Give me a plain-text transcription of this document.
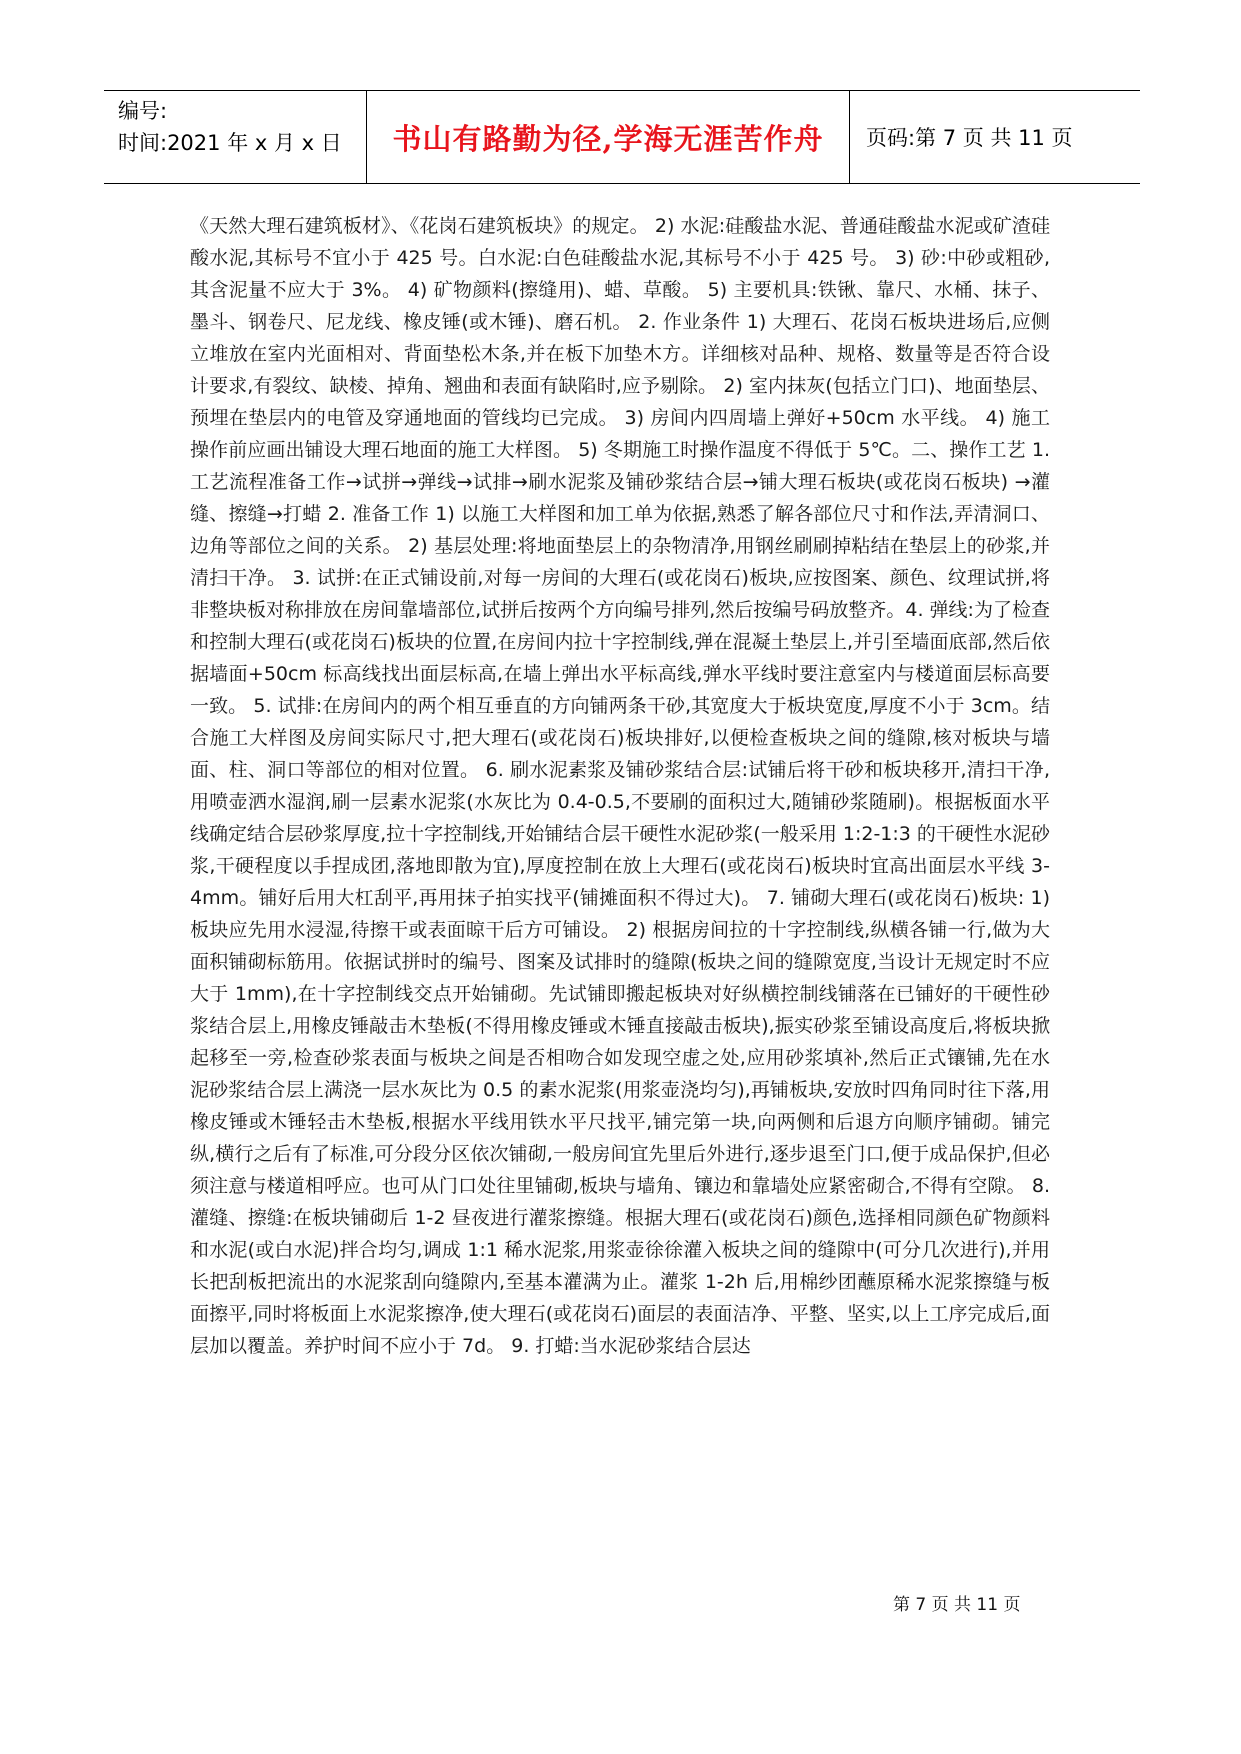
编号:
时间:2021 年 x 月 x 日	书山有路勤为径,学海无涯苦作舟	页码:第 7 页 共 11 页

《天然大理石建筑板材》、《花岗石建筑板块》的规定。 2) 水泥:硅酸盐水泥、普通硅酸盐水泥或矿渣硅酸水泥,其标号不宜小于 425 号。白水泥:白色硅酸盐水泥,其标号不小于 425 号。 3) 砂:中砂或粗砂,其含泥量不应大于 3%。 4) 矿物颜料(擦缝用)、蜡、草酸。 5) 主要机具:铁锹、靠尺、水桶、抹子、墨斗、钢卷尺、尼龙线、橡皮锤(或木锤)、磨石机。 2. 作业条件 1) 大理石、花岗石板块进场后,应侧立堆放在室内光面相对、背面垫松木条,并在板下加垫木方。详细核对品种、规格、数量等是否符合设计要求,有裂纹、缺棱、掉角、翘曲和表面有缺陷时,应予剔除。 2) 室内抹灰(包括立门口)、地面垫层、预埋在垫层内的电管及穿通地面的管线均已完成。 3) 房间内四周墙上弹好+50cm 水平线。 4) 施工操作前应画出铺设大理石地面的施工大样图。 5) 冬期施工时操作温度不得低于 5℃。二、操作工艺 1. 工艺流程准备工作→试拼→弹线→试排→刷水泥浆及铺砂浆结合层→铺大理石板块(或花岗石板块) →灌缝、擦缝→打蜡 2. 准备工作 1) 以施工大样图和加工单为依据,熟悉了解各部位尺寸和作法,弄清洞口、边角等部位之间的关系。 2) 基层处理:将地面垫层上的杂物清净,用钢丝刷刷掉粘结在垫层上的砂浆,并清扫干净。 3. 试拼:在正式铺设前,对每一房间的大理石(或花岗石)板块,应按图案、颜色、纹理试拼,将非整块板对称排放在房间靠墙部位,试拼后按两个方向编号排列,然后按编号码放整齐。4. 弹线:为了检查和控制大理石(或花岗石)板块的位置,在房间内拉十字控制线,弹在混凝土垫层上,并引至墙面底部,然后依据墙面+50cm 标高线找出面层标高,在墙上弹出水平标高线,弹水平线时要注意室内与楼道面层标高要一致。 5. 试排:在房间内的两个相互垂直的方向铺两条干砂,其宽度大于板块宽度,厚度不小于 3cm。结合施工大样图及房间实际尺寸,把大理石(或花岗石)板块排好,以便检查板块之间的缝隙,核对板块与墙面、柱、洞口等部位的相对位置。 6. 刷水泥素浆及铺砂浆结合层:试铺后将干砂和板块移开,清扫干净,用喷壶洒水湿润,刷一层素水泥浆(水灰比为 0.4-0.5,不要刷的面积过大,随铺砂浆随刷)。根据板面水平线确定结合层砂浆厚度,拉十字控制线,开始铺结合层干硬性水泥砂浆(一般采用 1:2-1:3 的干硬性水泥砂浆,干硬程度以手捏成团,落地即散为宜),厚度控制在放上大理石(或花岗石)板块时宜高出面层水平线 3-4mm。铺好后用大杠刮平,再用抹子拍实找平(铺摊面积不得过大)。 7. 铺砌大理石(或花岗石)板块: 1) 板块应先用水浸湿,待擦干或表面晾干后方可铺设。 2) 根据房间拉的十字控制线,纵横各铺一行,做为大面积铺砌标筋用。依据试拼时的编号、图案及试排时的缝隙(板块之间的缝隙宽度,当设计无规定时不应大于 1mm),在十字控制线交点开始铺砌。先试铺即搬起板块对好纵横控制线铺落在已铺好的干硬性砂浆结合层上,用橡皮锤敲击木垫板(不得用橡皮锤或木锤直接敲击板块),振实砂浆至铺设高度后,将板块掀起移至一旁,检查砂浆表面与板块之间是否相吻合如发现空虚之处,应用砂浆填补,然后正式镶铺,先在水泥砂浆结合层上满浇一层水灰比为 0.5 的素水泥浆(用浆壶浇均匀),再铺板块,安放时四角同时往下落,用橡皮锤或木锤轻击木垫板,根据水平线用铁水平尺找平,铺完第一块,向两侧和后退方向顺序铺砌。铺完纵,横行之后有了标准,可分段分区依次铺砌,一般房间宜先里后外进行,逐步退至门口,便于成品保护,但必须注意与楼道相呼应。也可从门口处往里铺砌,板块与墙角、镶边和靠墙处应紧密砌合,不得有空隙。 8. 灌缝、擦缝:在板块铺砌后 1-2 昼夜进行灌浆擦缝。根据大理石(或花岗石)颜色,选择相同颜色矿物颜料和水泥(或白水泥)拌合均匀,调成 1:1 稀水泥浆,用浆壶徐徐灌入板块之间的缝隙中(可分几次进行),并用长把刮板把流出的水泥浆刮向缝隙内,至基本灌满为止。灌浆 1-2h 后,用棉纱团蘸原稀水泥浆擦缝与板面擦平,同时将板面上水泥浆擦净,使大理石(或花岗石)面层的表面洁净、平整、坚实,以上工序完成后,面层加以覆盖。养护时间不应小于 7d。 9. 打蜡:当水泥砂浆结合层达

第 7 页 共 11 页
